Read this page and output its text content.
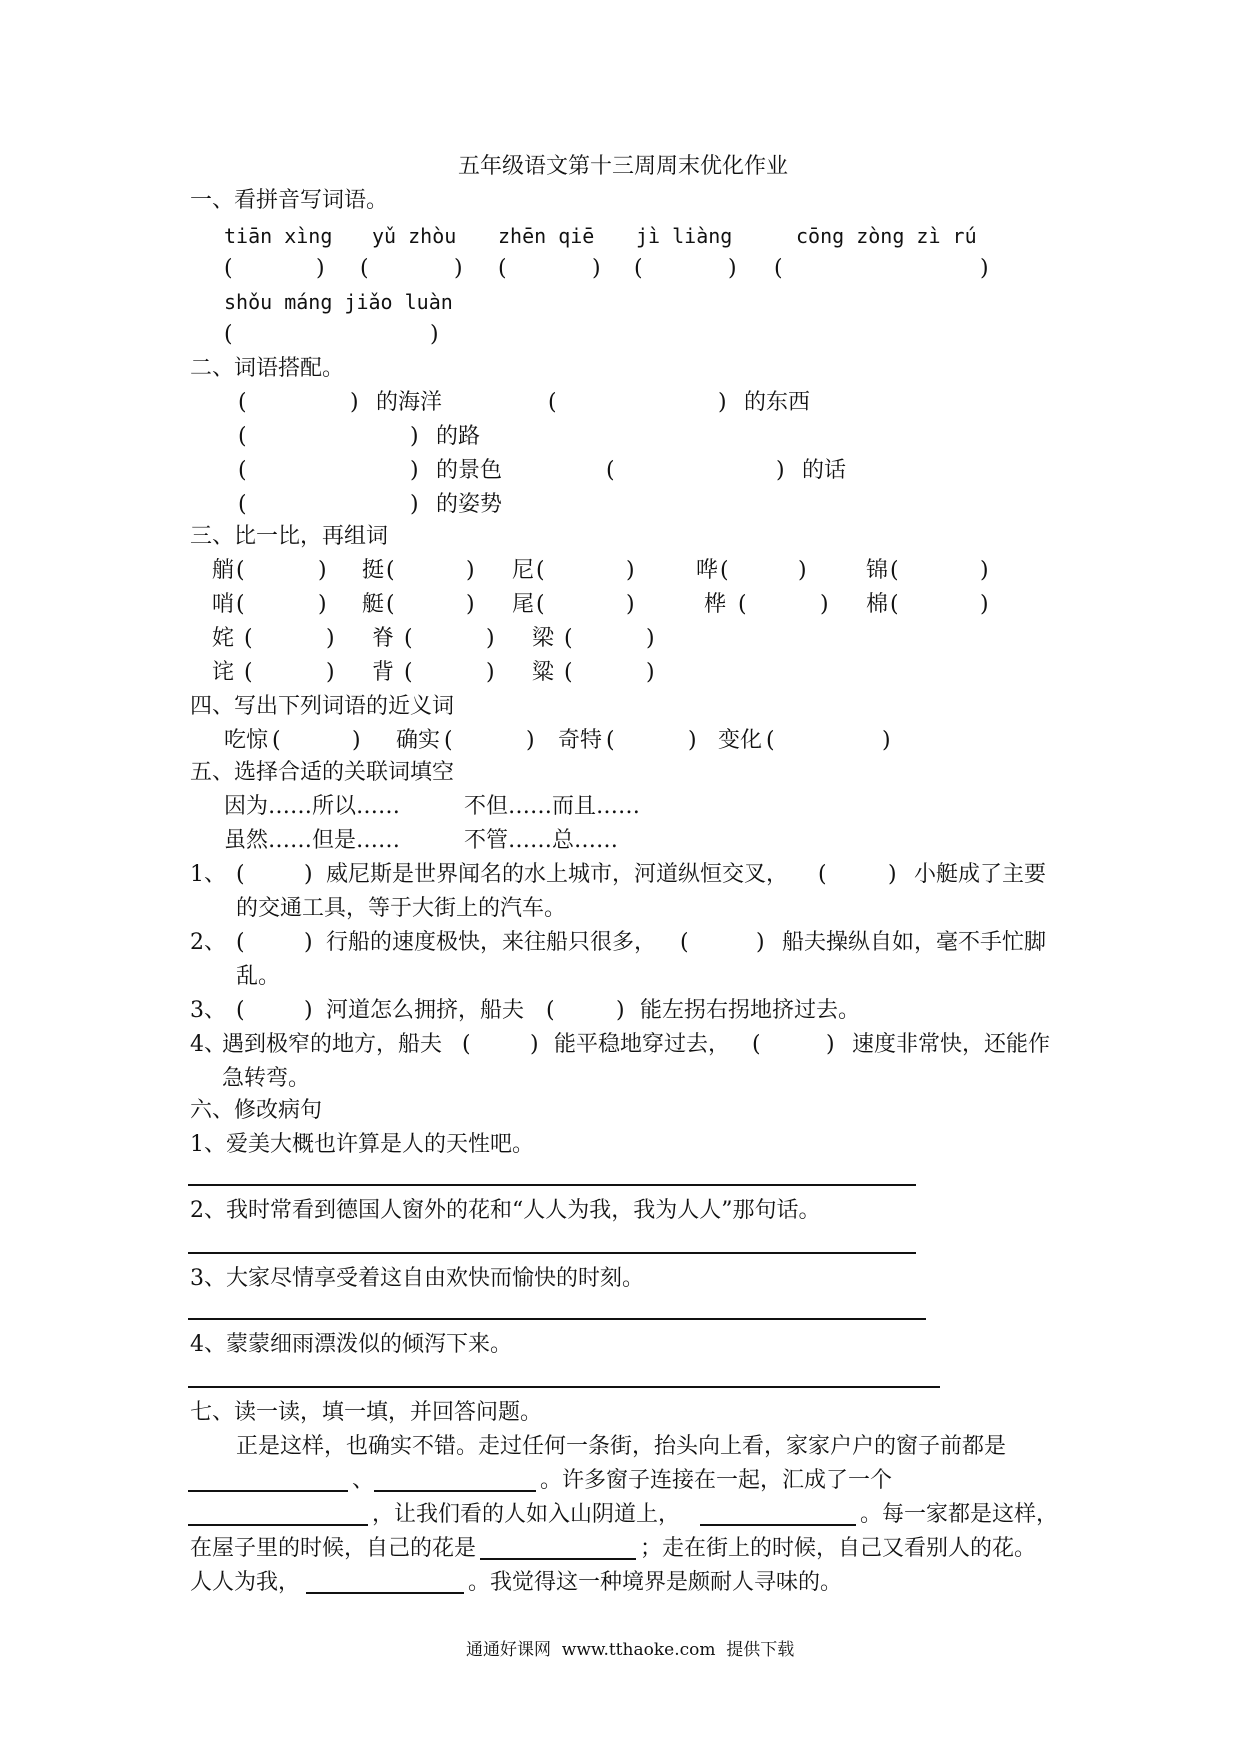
五年级语文第十三周周末优化作业
一、看拼音写词语。
tiān xìng yǔ zhòu zhēn qiē jì liàng	cōng zòng zì rú
(	) (	) (	) (	) (	)
shǒu máng jiǎo luàn
(	)
二、词语搭配。
(	) 的海洋	(	) 的东西
(	) 的路
(	) 的景色	(	) 的话
(	) 的姿势
三、比一比，再组词
艄 (	) 挺 (	) 尼 (	)	哗 (	)	锦 (	)
哨 (	) 艇 (	) 尾 (	)	桦 (	) 棉 (	)
姹 (	) 脊 (	) 梁 (	)
诧 (	) 背 (	) 粱 (	)
四、写出下列词语的近义词
吃惊 (	) 确实 (	) 奇特 (	) 变化 (	)
五、选择合适的关联词填空
因为……所以……	不但……而且……
虽然……但是……	不管……总……
1、 (	) 威尼斯是世界闻名的水上城市，河道纵恒交叉， (	) 小艇成了主要
的交通工具，等于大街上的汽车。
2、 (	) 行船的速度极快，来往船只很多， (	) 船夫操纵自如，毫不手忙脚
乱。
3、 (	) 河道怎么拥挤，船夫 (	) 能左拐右拐地挤过去。
4、
遇到极窄的地方，船夫 (	) 能平稳地穿过去， (	) 速度非常快，还能作
急转弯。
六、修改病句
1、爱美大概也许算是人的天性吧。
2、我时常看到德国人窗外的花和“人人为我，我为人人”那句话。
3、大家尽情享受着这自由欢快而愉快的时刻。
4、蒙蒙细雨漂泼似的倾泻下来。
七、读一读，填一填，并回答问题。
正是这样，也确实不错。走过任何一条街，抬头向上看，家家户户的窗子前都是
、	。许多窗子连接在一起，汇成了一个
，让我们看的人如入山阴道上，	。每一家都是这样，
在屋子里的时候，自己的花是	；走在街上的时候，自己又看别人的花。
人人为我，	。我觉得这一种境界是颇耐人寻味的。
通通好课网  www.tthaoke.com  提供下载
